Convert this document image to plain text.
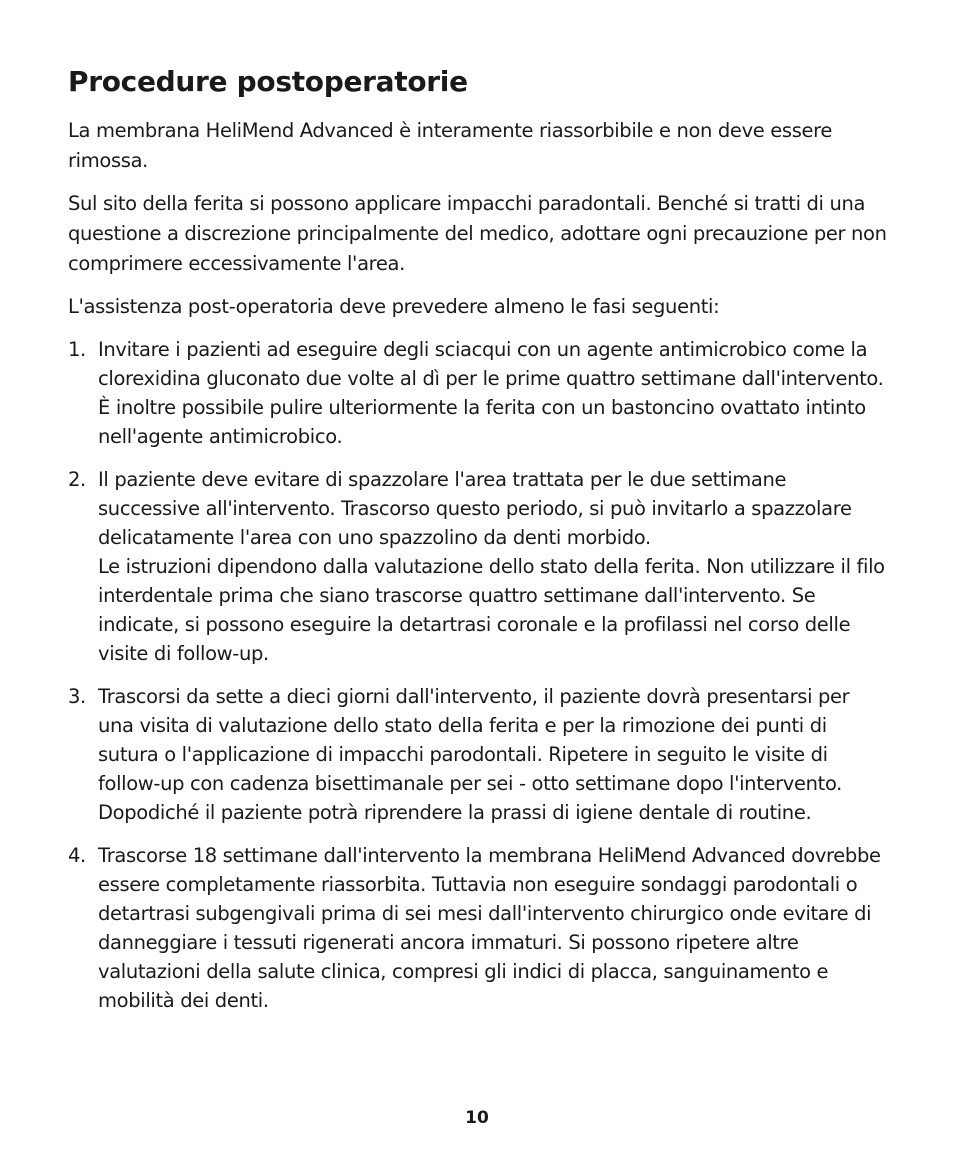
Procedure postoperatorie

La membrana HeliMend Advanced è interamente riassorbibile e non deve essere rimossa.

Sul sito della ferita si possono applicare impacchi paradontali. Benché si tratti di una questione a discrezione principalmente del medico, adottare ogni precauzione per non comprimere eccessivamente l'area.

L'assistenza post-operatoria deve prevedere almeno le fasi seguenti:

1. Invitare i pazienti ad eseguire degli sciacqui con un agente antimicrobico come la clorexidina gluconato due volte al dì per le prime quattro settimane dall'intervento. È inoltre possibile pulire ulteriormente la ferita con un bastoncino ovattato intinto nell'agente antimicrobico.
2. Il paziente deve evitare di spazzolare l'area trattata per le due settimane successive all'intervento. Trascorso questo periodo, si può invitarlo a spazzolare delicatamente l'area con uno spazzolino da denti morbido.
Le istruzioni dipendono dalla valutazione dello stato della ferita. Non utilizzare il filo interdentale prima che siano trascorse quattro settimane dall'intervento. Se indicate, si possono eseguire la detartrasi coronale e la profilassi nel corso delle visite di follow-up.
3. Trascorsi da sette a dieci giorni dall'intervento, il paziente dovrà presentarsi per una visita di valutazione dello stato della ferita e per la rimozione dei punti di sutura o l'applicazione di impacchi parodontali. Ripetere in seguito le visite di follow-up con cadenza bisettimanale per sei - otto settimane dopo l'intervento. Dopodiché il paziente potrà riprendere la prassi di igiene dentale di routine.
4. Trascorse 18 settimane dall'intervento la membrana HeliMend Advanced dovrebbe essere completamente riassorbita. Tuttavia non eseguire sondaggi parodontali o detartrasi subgengivali prima di sei mesi dall'intervento chirurgico onde evitare di danneggiare i tessuti rigenerati ancora immaturi. Si possono ripetere altre valutazioni della salute clinica, compresi gli indici di placca, sanguinamento e mobilità dei denti.
10
